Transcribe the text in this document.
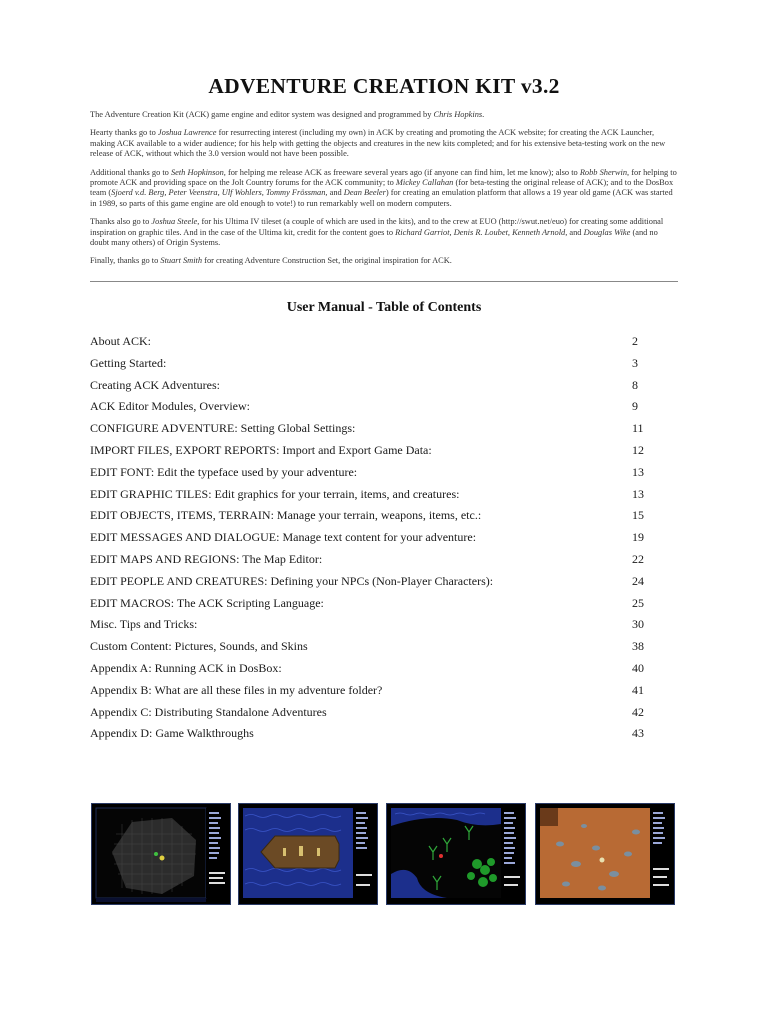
ADVENTURE CREATION KIT v3.2

The Adventure Creation Kit (ACK) game engine and editor system was designed and programmed by Chris Hopkins.

Hearty thanks go to Joshua Lawrence for resurrecting interest (including my own) in ACK by creating and promoting the ACK website; for creating the ACK Launcher, making ACK available to a wider audience; for his help with getting the objects and creatures in the new kits completed; and for his extensive beta-testing work on the new release of ACK, without which the 3.0 version would not have been possible.

Additional thanks go to Seth Hopkinson, for helping me release ACK as freeware several years ago (if anyone can find him, let me know); also to Robb Sherwin, for helping to promote ACK and providing space on the Jolt Country forums for the ACK community; to Mickey Callahan (for beta-testing the original release of ACK); and to the DosBox team (Sjoerd v.d. Berg, Peter Veenstra, Ulf Wohlers, Tommy Frössman, and Dean Beeler) for creating an emulation platform that allows a 19 year old game (ACK was started in 1989, so parts of this game engine are old enough to vote!) to run remarkably well on modern computers.

Thanks also go to Joshua Steele, for his Ultima IV tileset (a couple of which are used in the kits), and to the crew at EUO (http://swut.net/euo) for creating some additional inspiration on graphic tiles. And in the case of the Ultima kit, credit for the content goes to Richard Garriot, Denis R. Loubet, Kenneth Arnold, and Douglas Wike (and no doubt many others) of Origin Systems.

Finally, thanks go to Stuart Smith for creating Adventure Construction Set, the original inspiration for ACK.

User Manual - Table of Contents
About ACK:	2
Getting Started:	3
Creating ACK Adventures:	8
ACK Editor Modules, Overview:	9
CONFIGURE ADVENTURE: Setting Global Settings:	11
IMPORT FILES, EXPORT REPORTS: Import and Export Game Data:	12
EDIT FONT: Edit the typeface used by your adventure:	13
EDIT GRAPHIC TILES: Edit graphics for your terrain, items, and creatures:	13
EDIT OBJECTS, ITEMS, TERRAIN: Manage your terrain, weapons, items, etc.:	15
EDIT MESSAGES AND DIALOGUE: Manage text content for your adventure:	19
EDIT MAPS AND REGIONS: The Map Editor:	22
EDIT PEOPLE AND CREATURES: Defining your NPCs (Non-Player Characters):	24
EDIT MACROS: The ACK Scripting Language:	25
Misc. Tips and Tricks:	30
Custom Content: Pictures, Sounds, and Skins	38
Appendix A: Running ACK in DosBox:	40
Appendix B: What are all these files in my adventure folder?	41
Appendix C: Distributing Standalone Adventures	42
Appendix D: Game Walkthroughs	43
